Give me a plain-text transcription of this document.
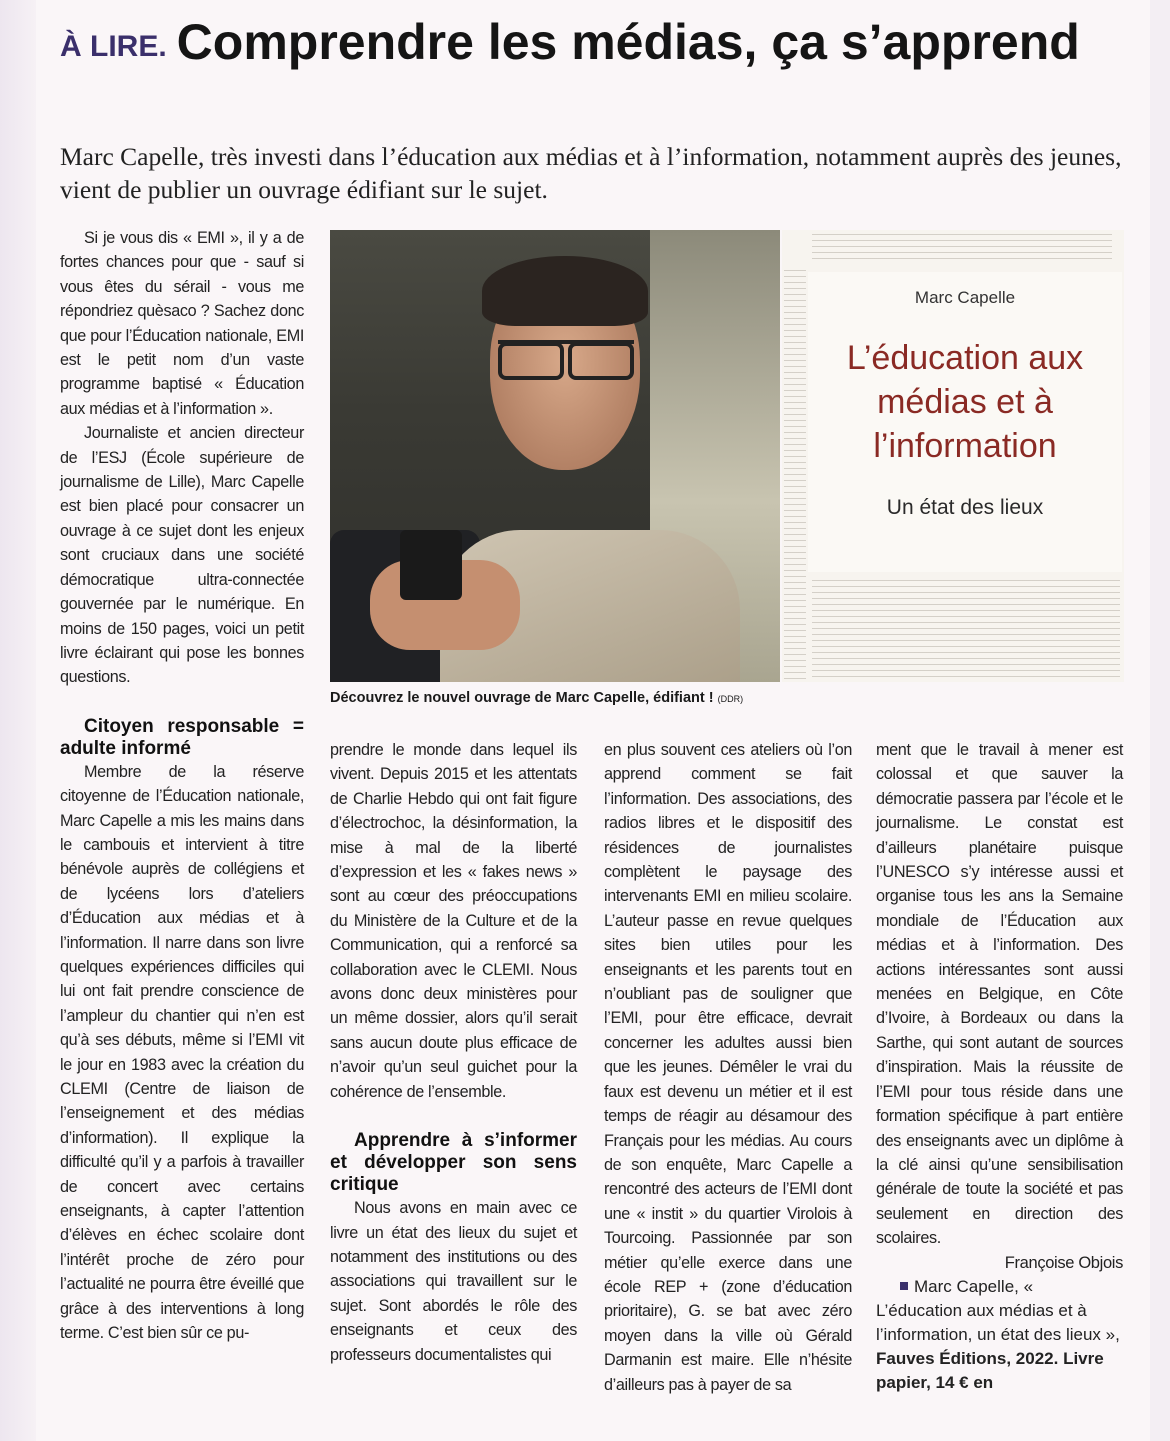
À LIRE. Comprendre les médias, ça s’apprend
Marc Capelle, très investi dans l’éducation aux médias et à l’information, notamment auprès des jeunes, vient de publier un ouvrage édifiant sur le sujet.

Si je vous dis « EMI », il y a de fortes chances pour que - sauf si vous êtes du sérail - vous me répondriez quèsaco ? Sachez donc que pour l’Éducation nationale, EMI est le petit nom d’un vaste programme baptisé « Éducation aux médias et à l’information ».

Journaliste et ancien directeur de l’ESJ (École supérieure de journalisme de Lille), Marc Capelle est bien placé pour consacrer un ouvrage à ce sujet dont les enjeux sont cruciaux dans une société démocratique ultra-connectée gouvernée par le numérique. En moins de 150 pages, voici un petit livre éclairant qui pose les bonnes questions.

Citoyen responsable = adulte informé

Membre de la réserve citoyenne de l’Éducation nationale, Marc Capelle a mis les mains dans le cambouis et intervient à titre bénévole auprès de collégiens et de lycéens lors d’ateliers d’Éducation aux médias et à l’information. Il narre dans son livre quelques expériences difficiles qui lui ont fait prendre conscience de l’ampleur du chantier qui n’en est qu’à ses débuts, même si l’EMI vit le jour en 1983 avec la création du CLEMI (Centre de liaison de l’enseignement et des médias d’information). Il explique la difficulté qu’il y a parfois à travailler de concert avec certains enseignants, à capter l’attention d’élèves en échec scolaire dont l’intérêt proche de zéro pour l’actualité ne pourra être éveillé que grâce à des interventions à long terme. C’est bien sûr ce pu-

Marc Capelle
L’éducation aux médias et à l’information
Un état des lieux
Découvrez le nouvel ouvrage de Marc Capelle, édifiant ! (DDR)

prendre le monde dans lequel ils vivent. Depuis 2015 et les attentats de Charlie Hebdo qui ont fait figure d’électrochoc, la désinformation, la mise à mal de la liberté d’expression et les « fakes news » sont au cœur des préoccupations du Ministère de la Culture et de la Communication, qui a renforcé sa collaboration avec le CLEMI. Nous avons donc deux ministères pour un même dossier, alors qu’il serait sans aucun doute plus efficace de n’avoir qu’un seul guichet pour la cohérence de l’ensemble.

Apprendre à s’informer et développer son sens critique

Nous avons en main avec ce livre un état des lieux du sujet et notamment des institutions ou des associations qui travaillent sur le sujet. Sont abordés le rôle des enseignants et ceux des professeurs documentalistes qui

en plus souvent ces ateliers où l’on apprend comment se fait l’information. Des associations, des radios libres et le dispositif des résidences de journalistes complètent le paysage des intervenants EMI en milieu scolaire. L’auteur passe en revue quelques sites bien utiles pour les enseignants et les parents tout en n’oubliant pas de souligner que l’EMI, pour être efficace, devrait concerner les adultes aussi bien que les jeunes. Démêler le vrai du faux est devenu un métier et il est temps de réagir au désamour des Français pour les médias. Au cours de son enquête, Marc Capelle a rencontré des acteurs de l’EMI dont une « instit » du quartier Virolois à Tourcoing. Passionnée par son métier qu’elle exerce dans une école REP + (zone d’éducation prioritaire), G. se bat avec zéro moyen dans la ville où Gérald Darmanin est maire. Elle n’hésite d’ailleurs pas à payer de sa

ment que le travail à mener est colossal et que sauver la démocratie passera par l’école et le journalisme. Le constat est d’ailleurs planétaire puisque l’UNESCO s’y intéresse aussi et organise tous les ans la Semaine mondiale de l’Éducation aux médias et à l’information. Des actions intéressantes sont aussi menées en Belgique, en Côte d’Ivoire, à Bordeaux ou dans la Sarthe, qui sont autant de sources d’inspiration. Mais la réussite de l’EMI pour tous réside dans une formation spécifique à part entière des enseignants avec un diplôme à la clé ainsi qu’une sensibilisation générale de toute la société et pas seulement en direction des scolaires.

Françoise Objois

Marc Capelle, « L’éducation aux médias et à l’information, un état des lieux », Fauves Éditions, 2022. Livre papier, 14 € en
